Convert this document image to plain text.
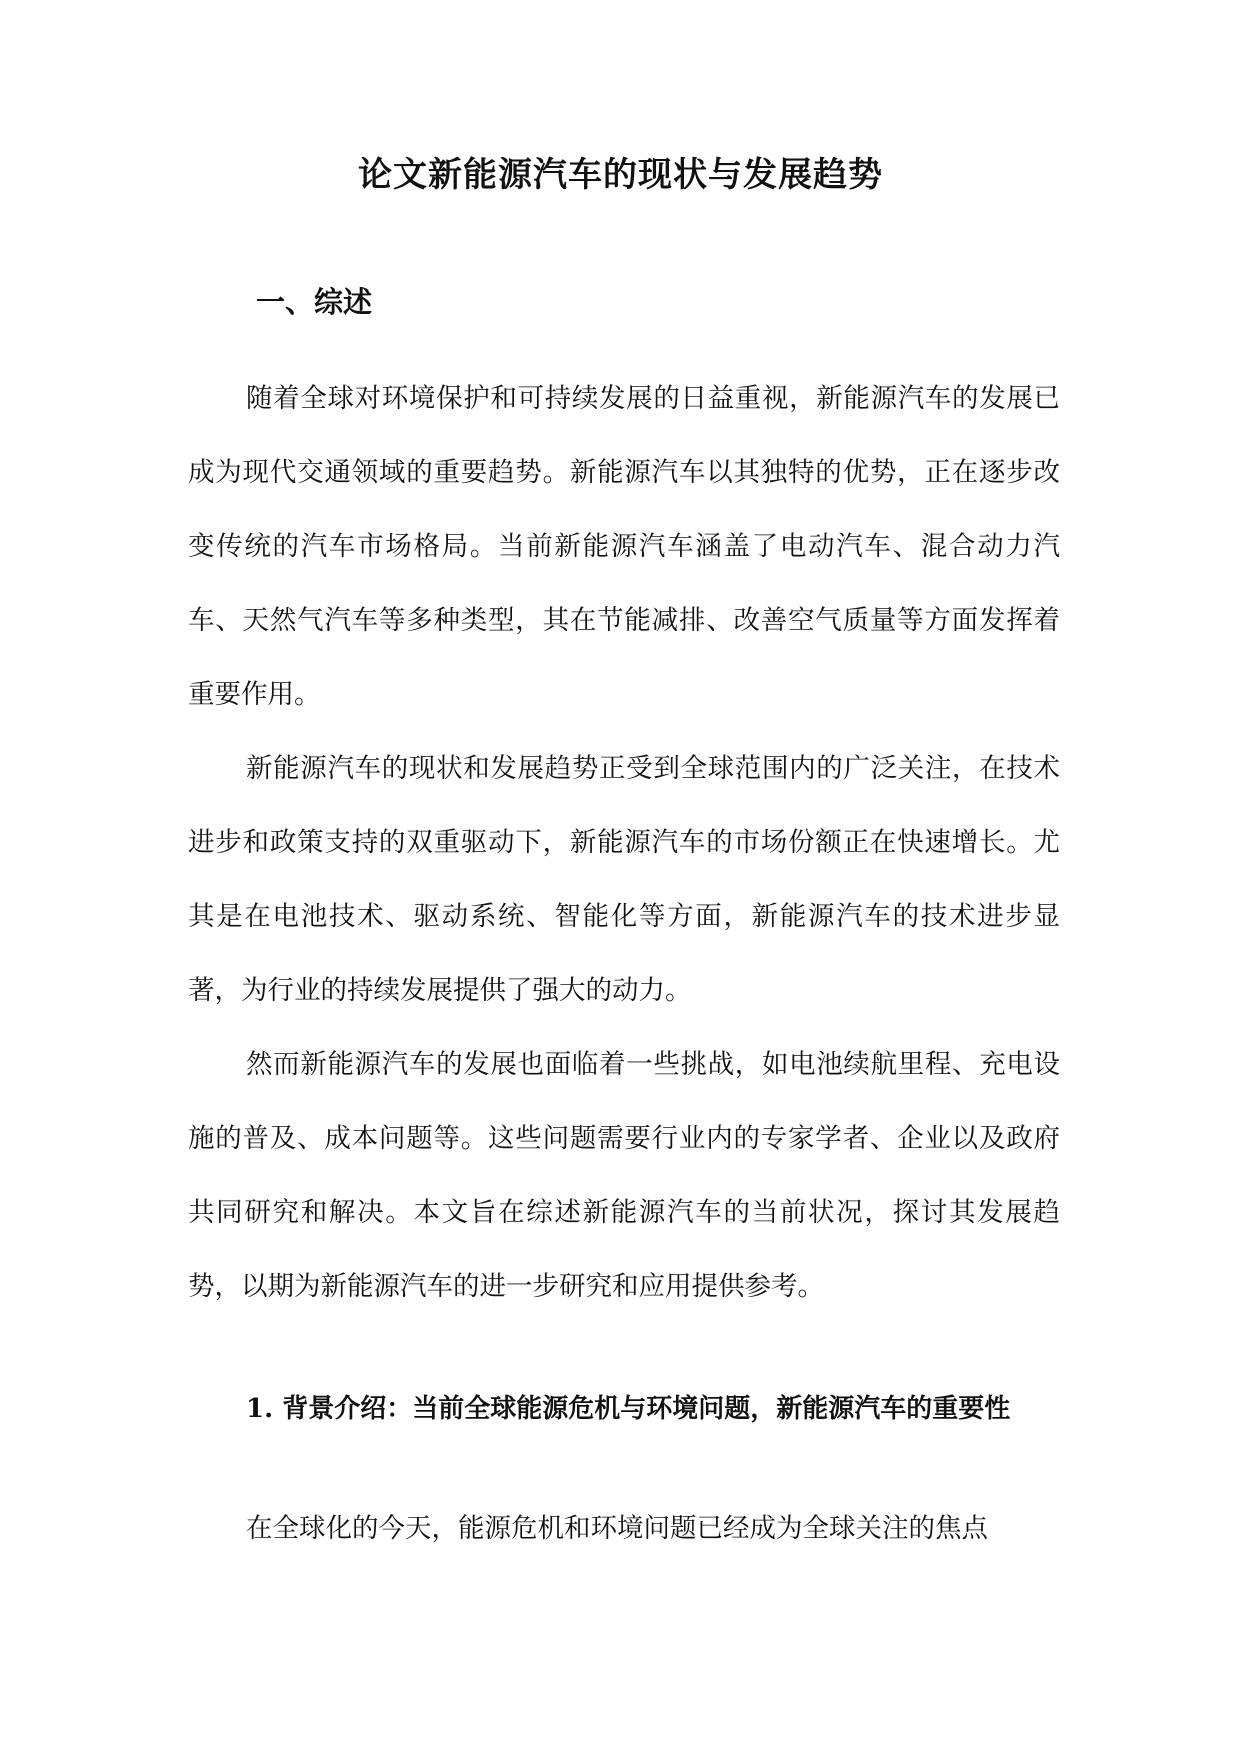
论文新能源汽车的现状与发展趋势
一、综述

随着全球对环境保护和可持续发展的日益重视，新能源汽车的发展已成为现代交通领域的重要趋势。新能源汽车以其独特的优势，正在逐步改变传统的汽车市场格局。当前新能源汽车涵盖了电动汽车、混合动力汽车、天然气汽车等多种类型，其在节能减排、改善空气质量等方面发挥着重要作用。

新能源汽车的现状和发展趋势正受到全球范围内的广泛关注，在技术进步和政策支持的双重驱动下，新能源汽车的市场份额正在快速增长。尤其是在电池技术、驱动系统、智能化等方面，新能源汽车的技术进步显著，为行业的持续发展提供了强大的动力。

然而新能源汽车的发展也面临着一些挑战，如电池续航里程、充电设施的普及、成本问题等。这些问题需要行业内的专家学者、企业以及政府共同研究和解决。本文旨在综述新能源汽车的当前状况，探讨其发展趋势，以期为新能源汽车的进一步研究和应用提供参考。

1. 背景介绍：当前全球能源危机与环境问题，新能源汽车的重要性

在全球化的今天，能源危机和环境问题已经成为全球关注的焦点
